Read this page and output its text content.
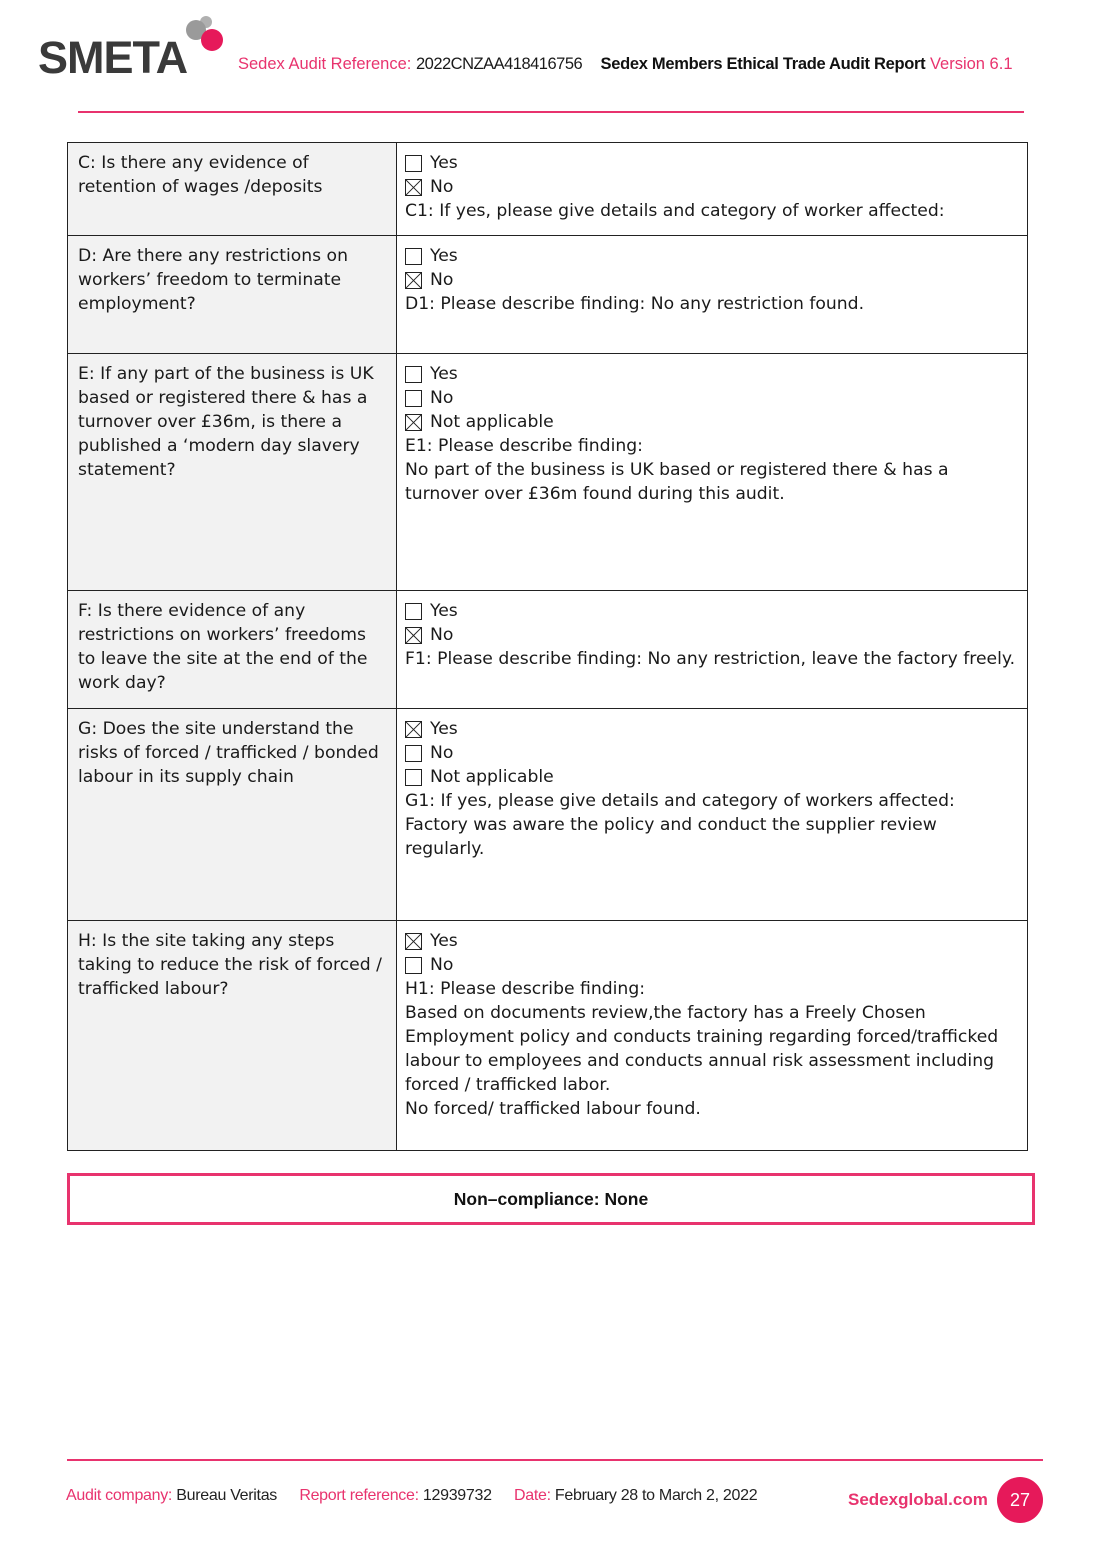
SMETA	Sedex Audit Reference: 2022CNZAA418416756 Sedex Members Ethical Trade Audit Report Version 6.1
C: Is there any evidence of retention of wages /deposits	Yes
No
C1: If yes, please give details and category of worker affected:

D: Are there any restrictions on workers’ freedom to terminate employment?	Yes
No
D1: Please describe finding: No any restriction found.

E: If any part of the business is UK based or registered there & has a turnover over £36m, is there a published a ‘modern day slavery statement?	Yes
No
Not applicable
E1: Please describe finding:
No part of the business is UK based or registered there & has a turnover over £36m found during this audit.

F: Is there evidence of any restrictions on workers’ freedoms to leave the site at the end of the work day?	Yes
No
F1: Please describe finding: No any restriction, leave the factory freely.

G: Does the site understand the risks of forced / trafficked / bonded labour in its supply chain	Yes
No
Not applicable
G1: If yes, please give details and category of workers affected:
Factory was aware the policy and conduct the supplier review regularly.

H: Is the site taking any steps taking to reduce the risk of forced / trafficked labour?	Yes
No
H1: Please describe finding:
Based on documents review,the factory has a Freely Chosen Employment policy and conducts training regarding forced/trafficked labour to employees and conducts annual risk assessment including forced / trafficked labor.
No forced/ trafficked labour found.
Non–compliance: None
Audit company: Bureau Veritas Report reference: 12939732 Date: February 28 to March 2, 2022	Sedexglobal.com	27
